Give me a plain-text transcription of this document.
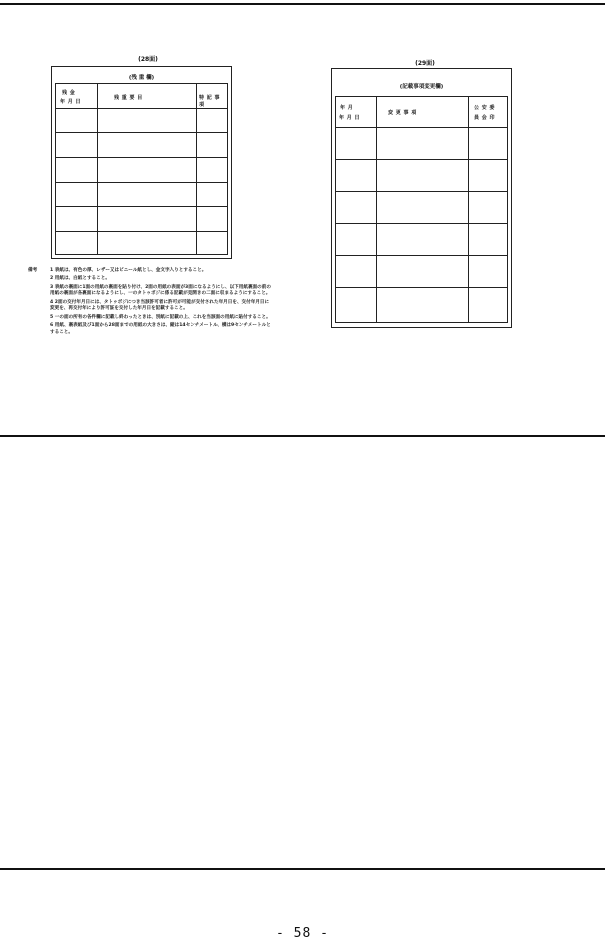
(28面)
(残 重 欄)
残 金
年 月 日
残 重 要 目	特 記 事 項
備考	1 表紙は、有色の厚、レザー又はビニール紙とし、金文字入りとすること。
2 用紙は、白紙とすること。
3 表紙の裏面に1面の用紙の裏面を貼り付け、2面の用紙の表面が3面になるようにし、以下用紙裏面の前の用紙の裏面が各裏面になるようにし、一のタトゥボジに係る記載が見開きの二面に収まるようにすること。
4 2面の交付年月日には、タトゥボジにつき当該許可者に許可が可能が交付された年月日を、交付年月日に変更を、再交付年により許可証を交付した年月日を記載すること。
5 一の面の所有の各件欄に記載し終わったときは、別紙に記載の上、これを当該面の用紙に貼付すること。
6 用紙、裏表紙及び1面から28面までの用紙の大きさは、縦は14センチメートル、横は9センチメートルとすること。
(29面)
(記載事項変更欄)
年 月
年 月 日
変 更 事 項
公 安 委
員 会 印
- 58 -
